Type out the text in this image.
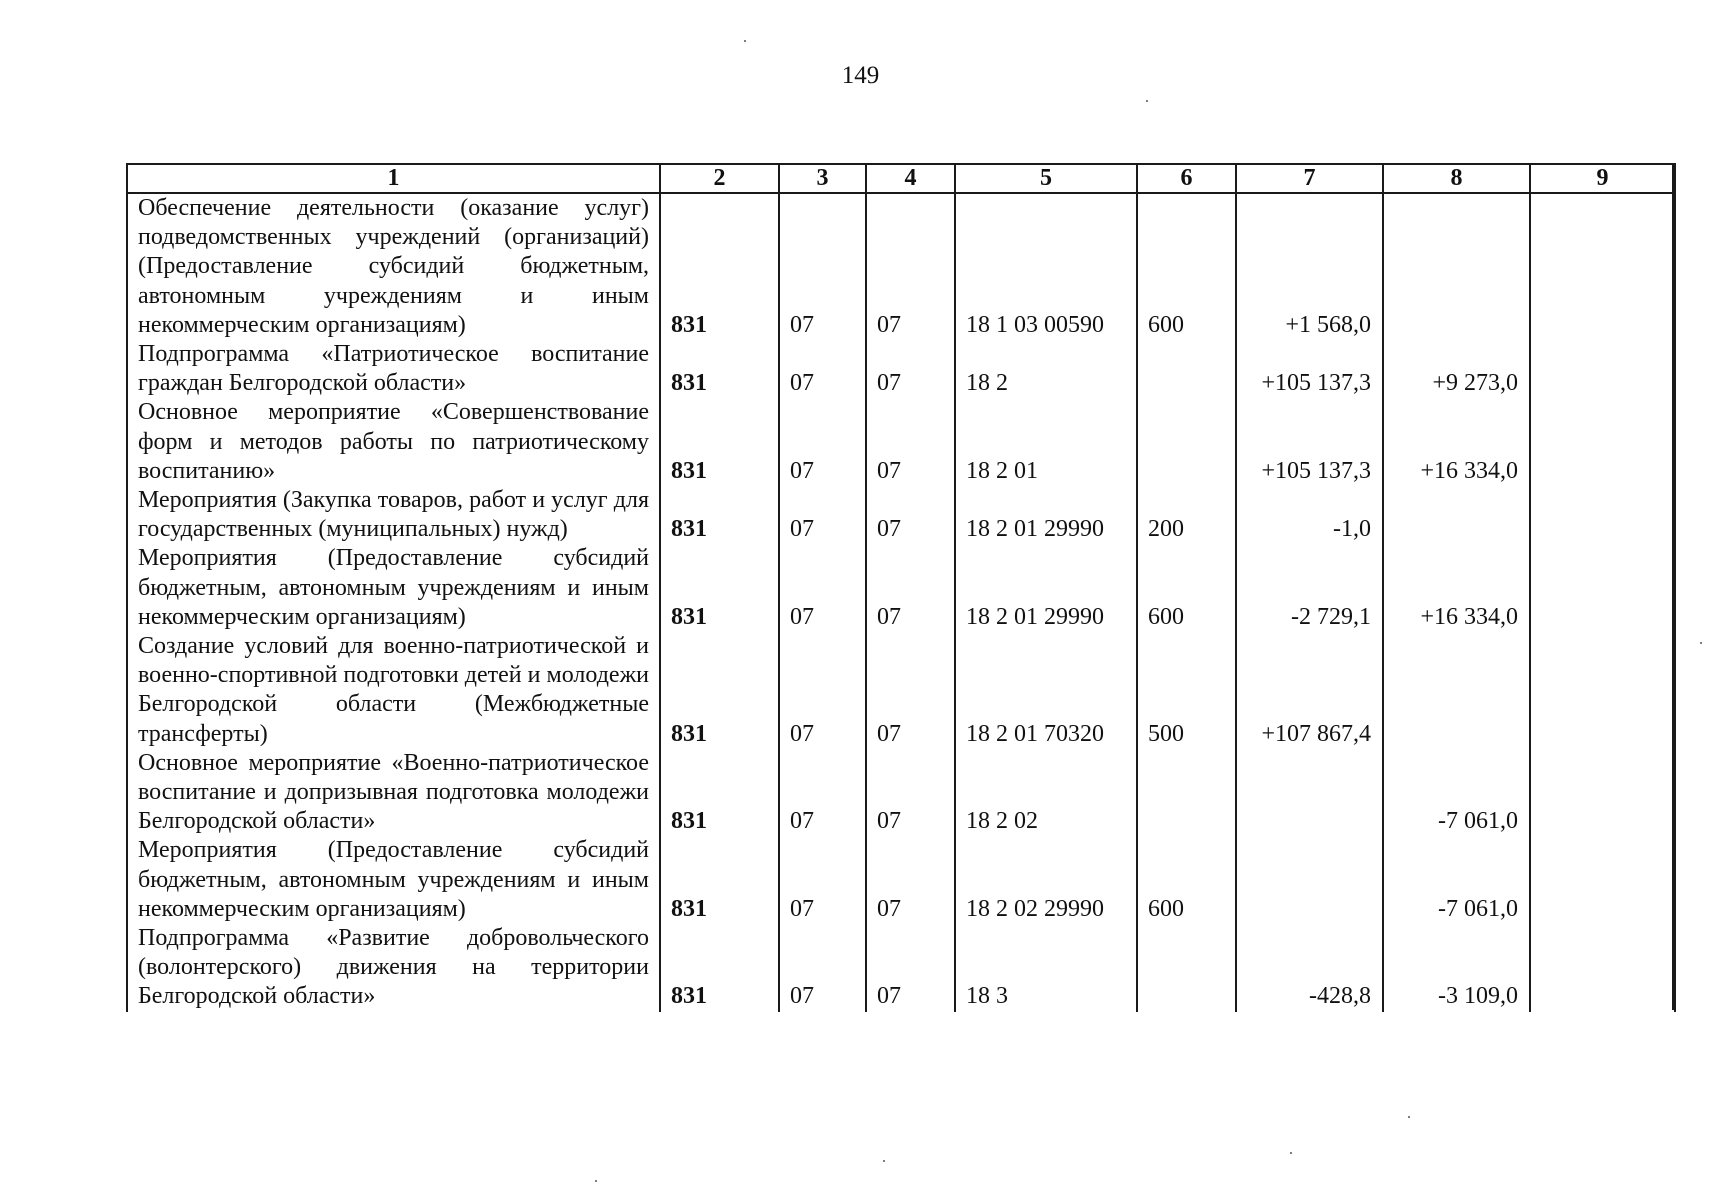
149
1	2	3	4	5	6	7	8	9
Обеспечение деятельности (оказание услуг) подведомственных учреждений (организаций) (Предоставление субсидий бюджетным, автономным учреждениям и иным некоммерческим организациям)	831	07	07	18 1 03 00590	600	+1 568,0		
Подпрограмма «Патриотическое воспитание граждан Белгородской области»	831	07	07	18 2		+105 137,3	+9 273,0	
Основное мероприятие «Совершенствование форм и методов работы по патриотическому воспитанию»	831	07	07	18 2 01		+105 137,3	+16 334,0	
Мероприятия (Закупка товаров, работ и услуг для государственных (муниципальных) нужд)	831	07	07	18 2 01 29990	200	-1,0		
Мероприятия (Предоставление субсидий бюджетным, автономным учреждениям и иным некоммерческим организациям)	831	07	07	18 2 01 29990	600	-2 729,1	+16 334,0	
Создание условий для военно-патриотической и военно-спортивной подготовки детей и молодежи Белгородской области (Межбюджетные трансферты)	831	07	07	18 2 01 70320	500	+107 867,4		
Основное мероприятие «Военно-патриотическое воспитание и допризывная подготовка молодежи Белгородской области»	831	07	07	18 2 02			-7 061,0	
Мероприятия (Предоставление субсидий бюджетным, автономным учреждениям и иным некоммерческим организациям)	831	07	07	18 2 02 29990	600		-7 061,0	
Подпрограмма «Развитие добровольческого (волонтерского) движения на территории Белгородской области»	831	07	07	18 3		-428,8	-3 109,0	
